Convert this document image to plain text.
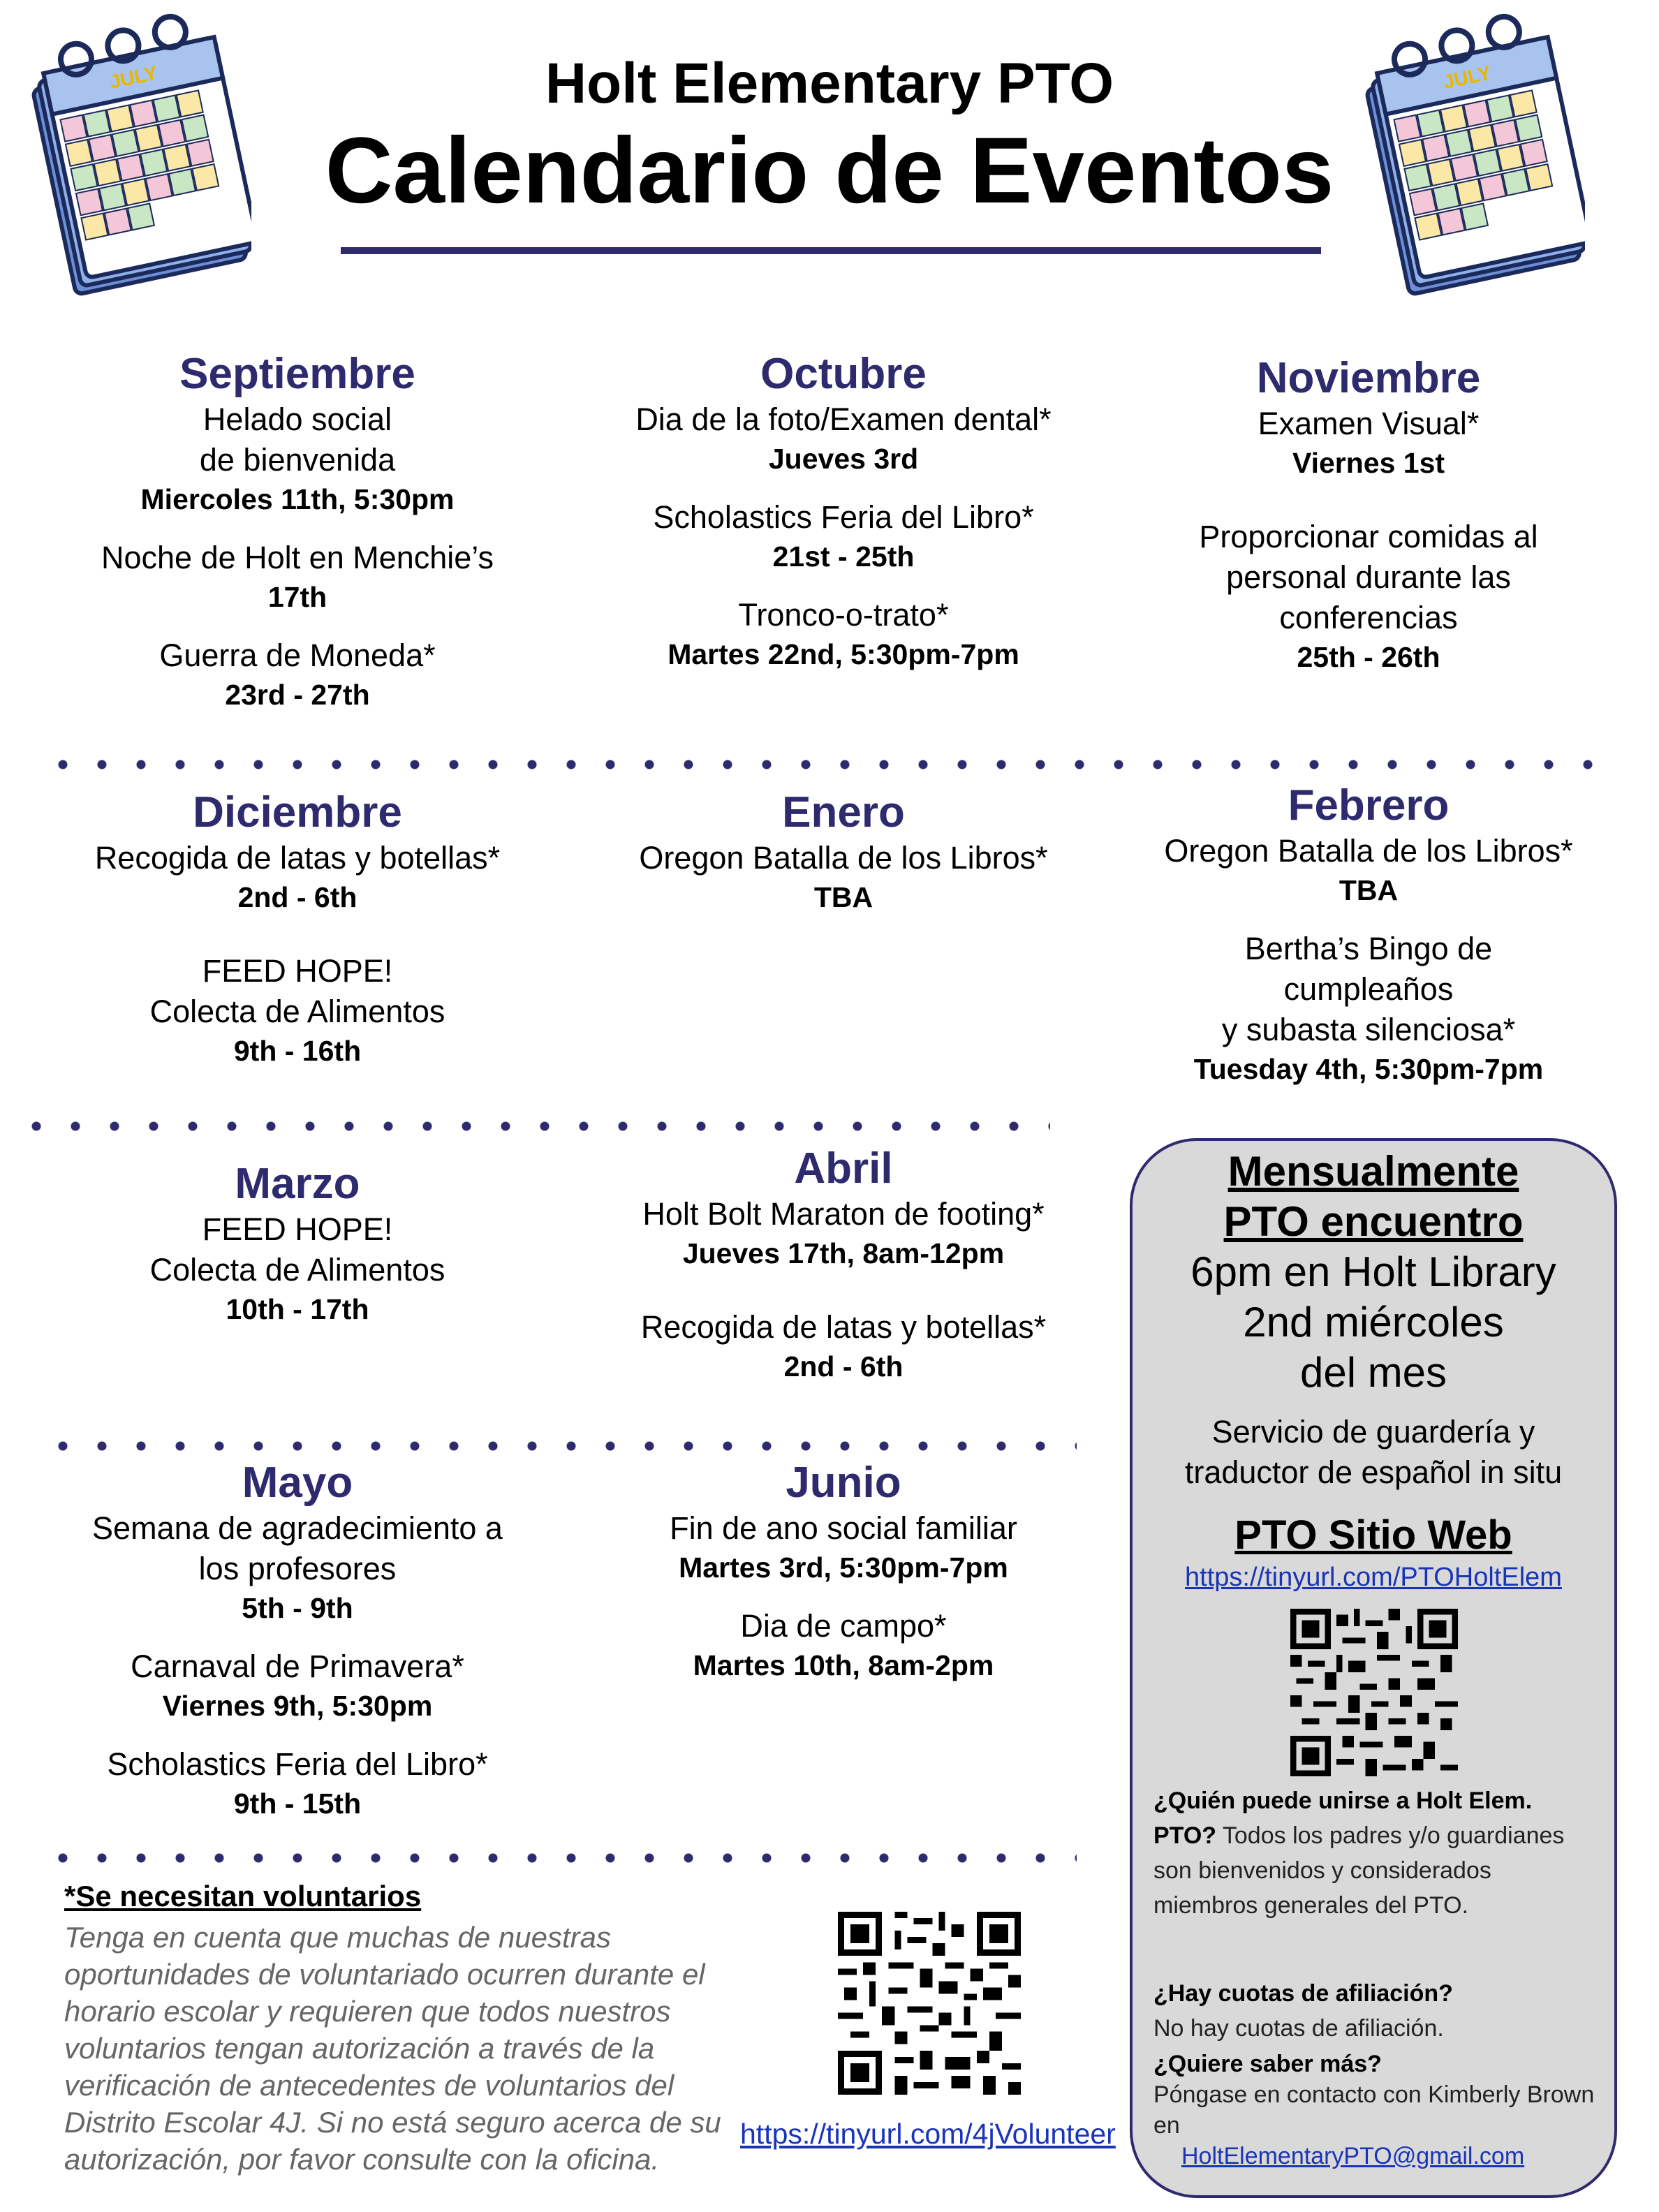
Holt Elementary PTO
Calendario de Eventos
JULY	JULY
Septiembre

Helado social

de bienvenida

Miercoles 11th, 5:30pm

Noche de Holt en Menchie’s

17th

Guerra de Moneda*

23rd - 27th

Octubre

Dia de la foto/Examen dental*

Jueves 3rd

Scholastics Feria del Libro*

21st - 25th

Tronco-o-trato*

Martes 22nd, 5:30pm-7pm

Noviembre

Examen Visual*

Viernes 1st

Proporcionar comidas al

personal durante las

conferencias

25th - 26th

Diciembre

Recogida de latas y botellas*

2nd - 6th

FEED HOPE!

Colecta de Alimentos

9th - 16th

Enero

Oregon Batalla de los Libros*

TBA

Febrero

Oregon Batalla de los Libros*

TBA

Bertha’s Bingo de

cumpleaños

y subasta silenciosa*

Tuesday 4th, 5:30pm-7pm

Marzo

FEED HOPE!

Colecta de Alimentos

10th - 17th

Abril

Holt Bolt Maraton de footing*

Jueves 17th, 8am-12pm

Recogida de latas y botellas*

2nd - 6th

Mayo

Semana de agradecimiento a

los profesores

5th - 9th

Carnaval de Primavera*

Viernes 9th, 5:30pm

Scholastics Feria del Libro*

9th - 15th

Junio

Fin de ano social familiar

Martes 3rd, 5:30pm-7pm

Dia de campo*

Martes 10th, 8am-2pm

*Se necesitan voluntarios
Tenga en cuenta que muchas de nuestras oportunidades de voluntariado ocurren durante el horario escolar y requieren que todos nuestros voluntarios tengan autorización a través de la verificación de antecedentes de voluntarios del Distrito Escolar 4J. Si no está seguro acerca de su autorización, por favor consulte con la oficina.
https://tinyurl.com/4jVolunteer

Mensualmente

PTO encuentro

6pm en Holt Library

2nd miércoles

del mes

Servicio de guardería y

traductor de español in situ

PTO Sitio Web

https://tinyurl.com/PTOHoltElem

¿Quién puede unirse a Holt Elem. PTO? Todos los padres y/o guardianes son bienvenidos y considerados miembros generales del PTO.
¿Hay cuotas de afiliación?
No hay cuotas de afiliación.
¿Quiere saber más?
Póngase en contacto con Kimberly Brown en
HoltElementaryPTO@gmail.com
